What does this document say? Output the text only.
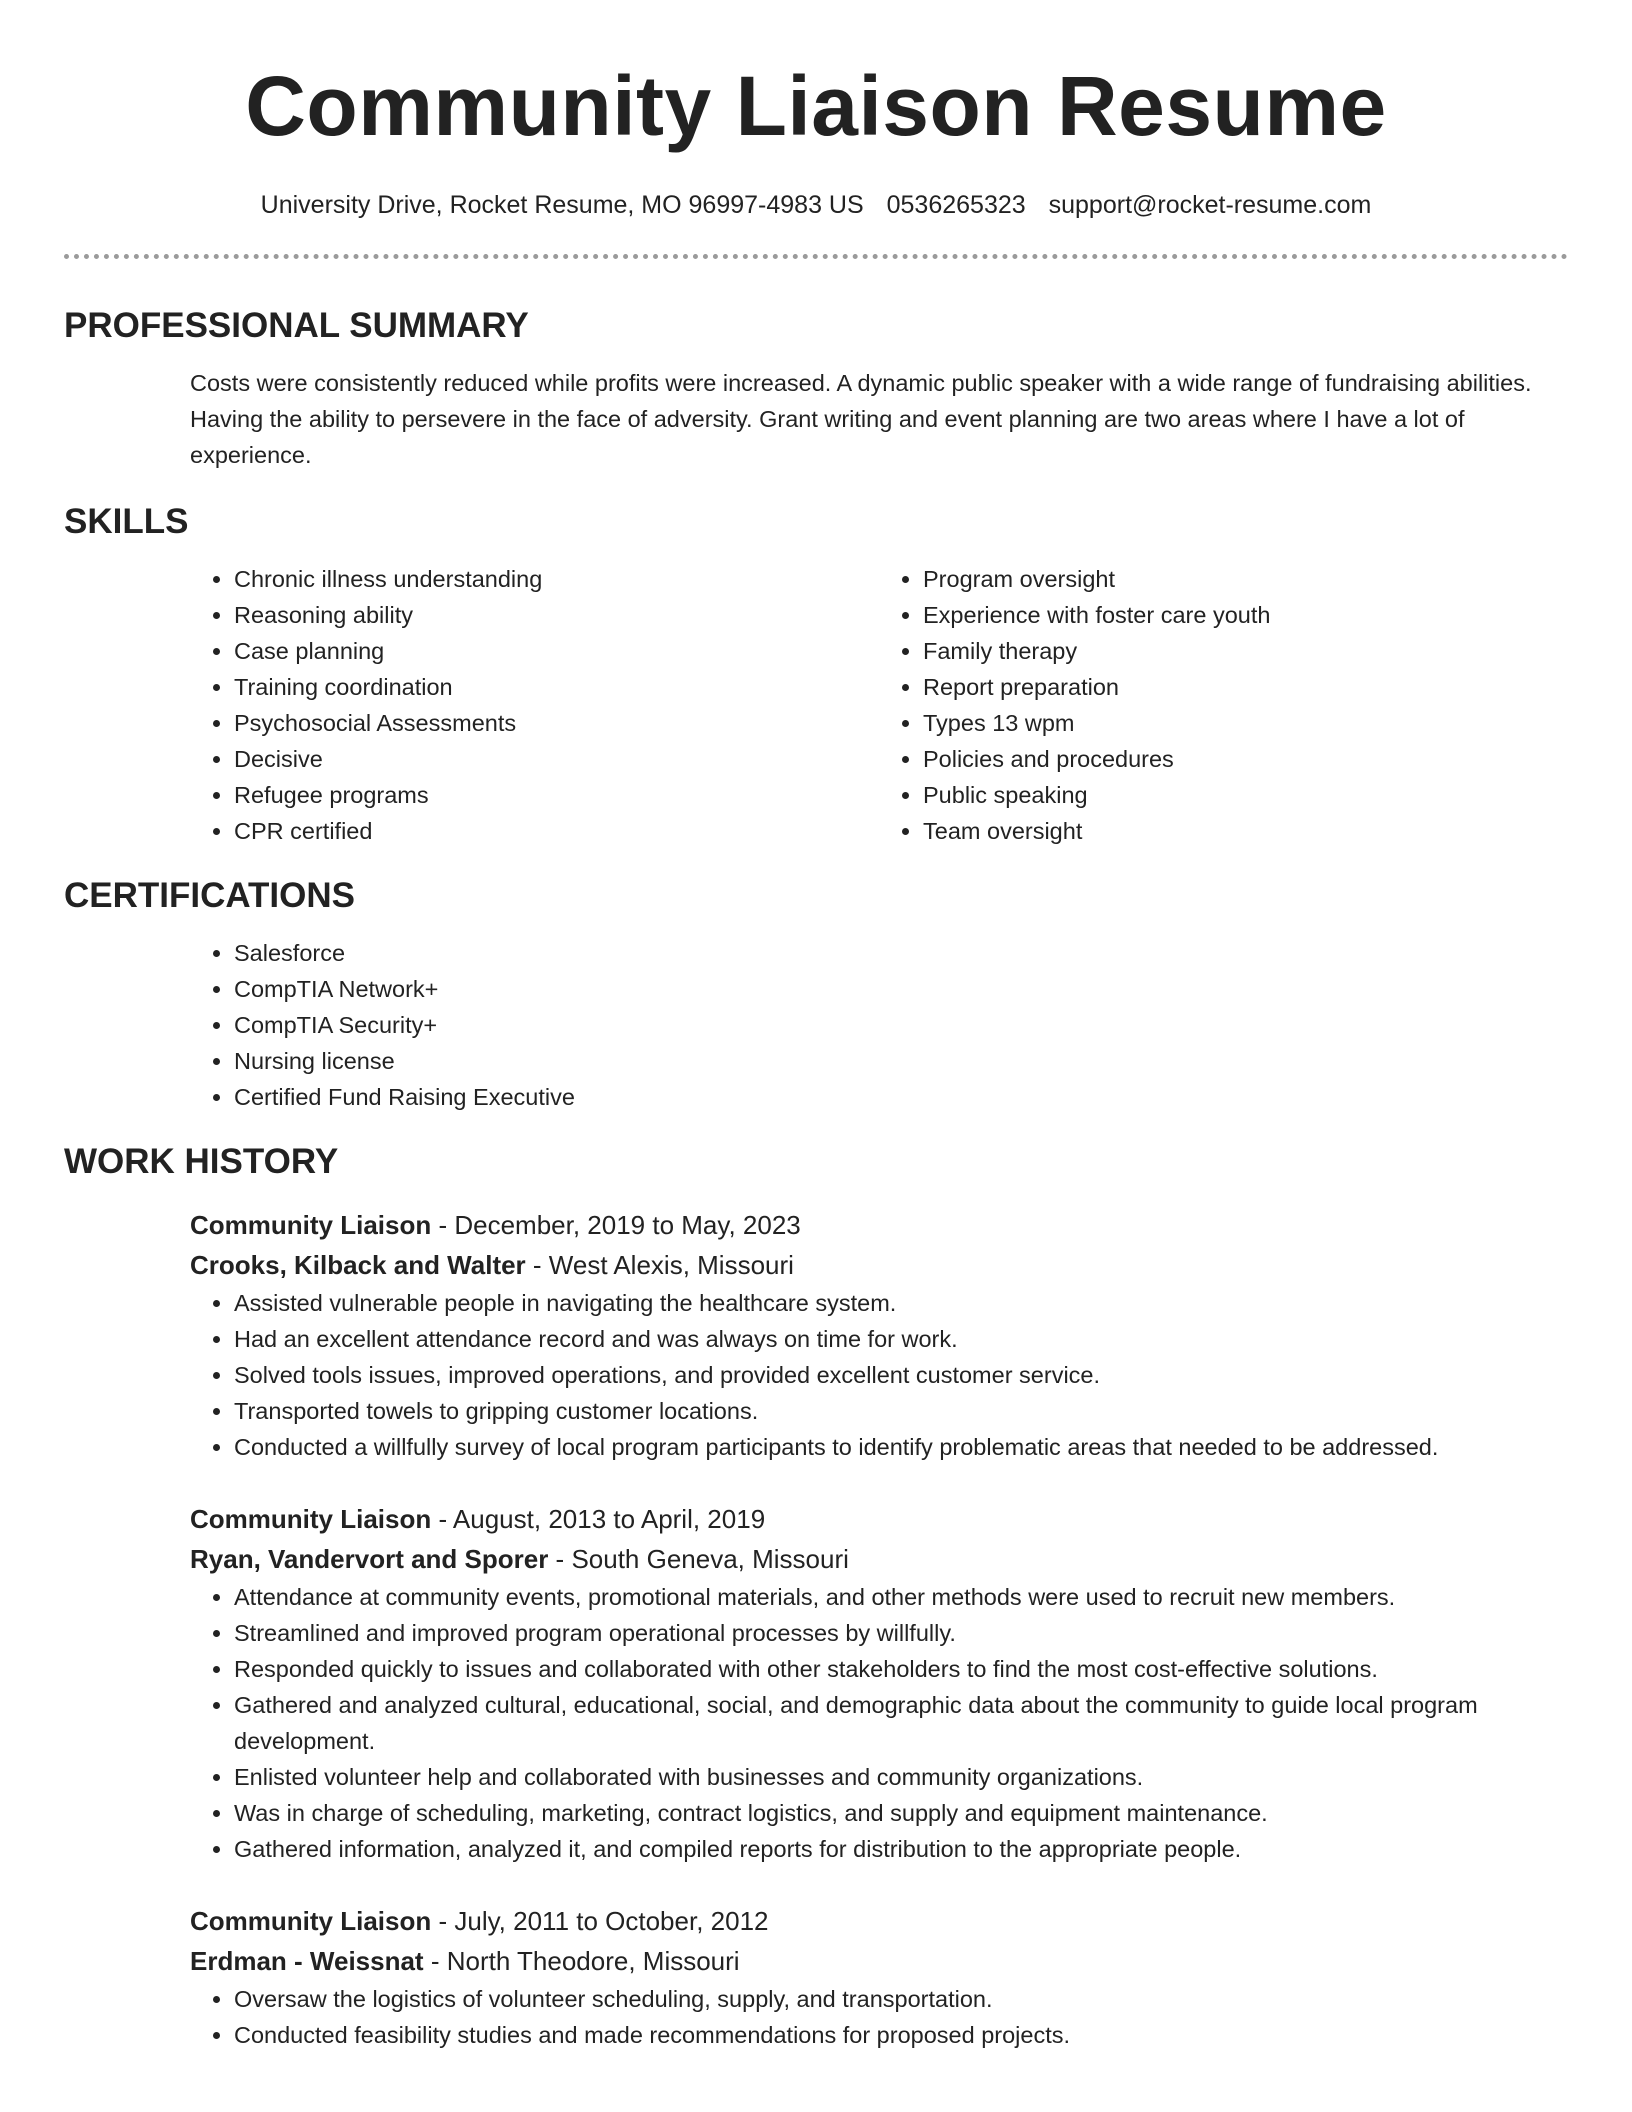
Community Liaison Resume
University Drive, Rocket Resume, MO 96997-4983 US 0536265323 support@rocket-resume.com
PROFESSIONAL SUMMARY

Costs were consistently reduced while profits were increased. A dynamic public speaker with a wide range of fundraising abilities. Having the ability to persevere in the face of adversity. Grant writing and event planning are two areas where I have a lot of experience.

SKILLS
• Chronic illness understanding
• Reasoning ability
• Case planning
• Training coordination
• Psychosocial Assessments
• Decisive
• Refugee programs
• CPR certified
• Program oversight
• Experience with foster care youth
• Family therapy
• Report preparation
• Types 13 wpm
• Policies and procedures
• Public speaking
• Team oversight
CERTIFICATIONS
• Salesforce
• CompTIA Network+
• CompTIA Security+
• Nursing license
• Certified Fund Raising Executive
WORK HISTORY
Community Liaison - December, 2019 to May, 2023
Crooks, Kilback and Walter - West Alexis, Missouri
• Assisted vulnerable people in navigating the healthcare system.
• Had an excellent attendance record and was always on time for work.
• Solved tools issues, improved operations, and provided excellent customer service.
• Transported towels to gripping customer locations.
• Conducted a willfully survey of local program participants to identify problematic areas that needed to be addressed.
Community Liaison - August, 2013 to April, 2019
Ryan, Vandervort and Sporer - South Geneva, Missouri
• Attendance at community events, promotional materials, and other methods were used to recruit new members.
• Streamlined and improved program operational processes by willfully.
• Responded quickly to issues and collaborated with other stakeholders to find the most cost-effective solutions.
• Gathered and analyzed cultural, educational, social, and demographic data about the community to guide local program development.
• Enlisted volunteer help and collaborated with businesses and community organizations.
• Was in charge of scheduling, marketing, contract logistics, and supply and equipment maintenance.
• Gathered information, analyzed it, and compiled reports for distribution to the appropriate people.
Community Liaison - July, 2011 to October, 2012
Erdman - Weissnat - North Theodore, Missouri
• Oversaw the logistics of volunteer scheduling, supply, and transportation.
• Conducted feasibility studies and made recommendations for proposed projects.
